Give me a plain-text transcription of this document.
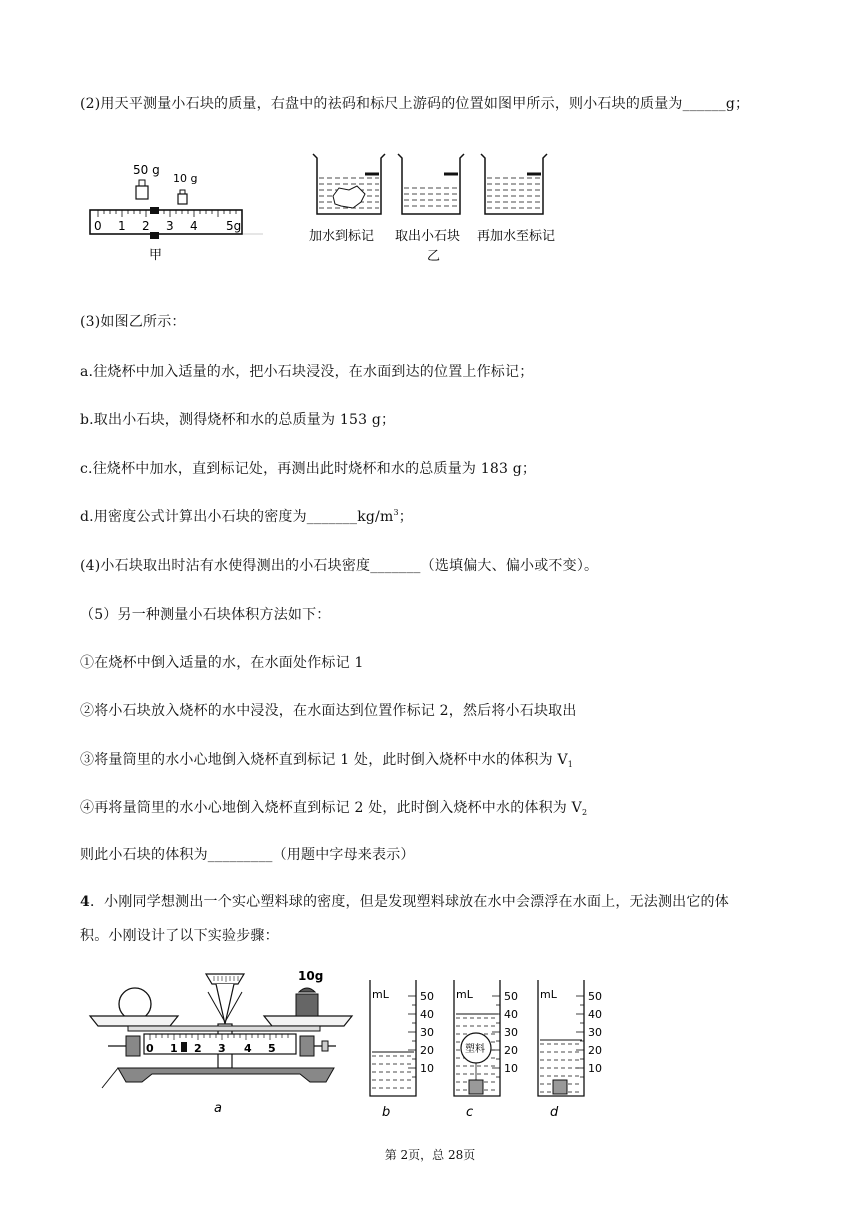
(2)用天平测量小石块的质量，右盘中的祛码和标尺上游码的位置如图甲所示，则小石块的质量为______g；
50 g
10 g
0 1 2 3 4 5g
甲
加水到标记 取出小石块 再加水至标记
乙
(3)如图乙所示：
a.往烧杯中加入适量的水，把小石块浸没，在水面到达的位置上作标记；
b.取出小石块，测得烧杯和水的总质量为 153 g；
c.往烧杯中加水，直到标记处，再测出此时烧杯和水的总质量为 183 g；
d.用密度公式计算出小石块的密度为$\_\_\_\_\_\_\_kg/m^3$；
(4)小石块取出时沾有水使得测出的小石块密度_______（选填偏大、偏小或不变）。
（5）另一种测量小石块体积方法如下：
①在烧杯中倒入适量的水，在水面处作标记 1
②将小石块放入烧杯的水中浸没，在水面达到位置作标记 2，然后将小石块取出
③将量筒里的水小心地倒入烧杯直到标记 1 处，此时倒入烧杯中水的体积为 $V_1$
④再将量筒里的水小心地倒入烧杯直到标记 2 处，此时倒入烧杯中水的体积为 $V_2$
则此小石块的体积为_________（用题中字母来表示）
4．小刚同学想测出一个实心塑料球的密度，但是发现塑料球放在水中会漂浮在水面上，无法测出它的体
积。小刚设计了以下实验步骤：
10g
0 1 2 3 4 5
a
mL	50
40
30
20
10
b
mL
塑料
50
40
30
20
10
c
mL	50
40
30
20
10
d
第 2页，总 28页
